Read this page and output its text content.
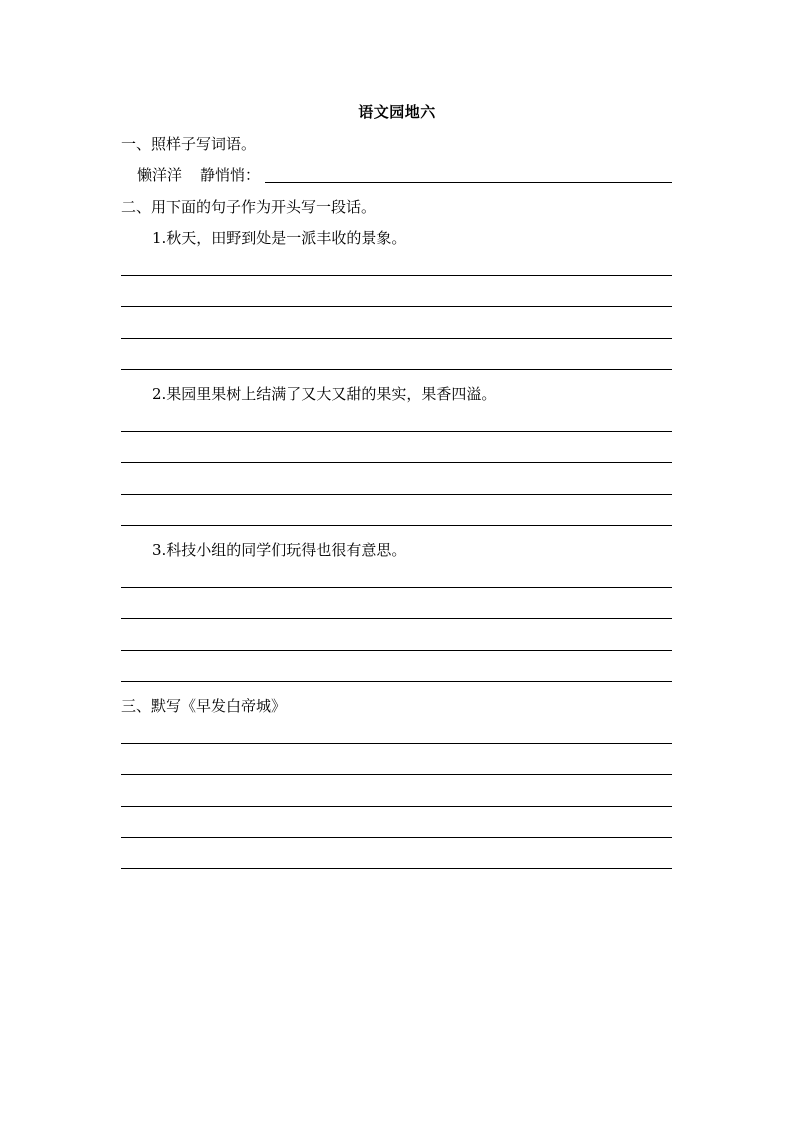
语文园地六
一、照样子写词语。
懒洋洋 静悄悄：
二、用下面的句子作为开头写一段话。
1.秋天，田野到处是一派丰收的景象。
2.果园里果树上结满了又大又甜的果实，果香四溢。
3.科技小组的同学们玩得也很有意思。
三、默写《早发白帝城》
